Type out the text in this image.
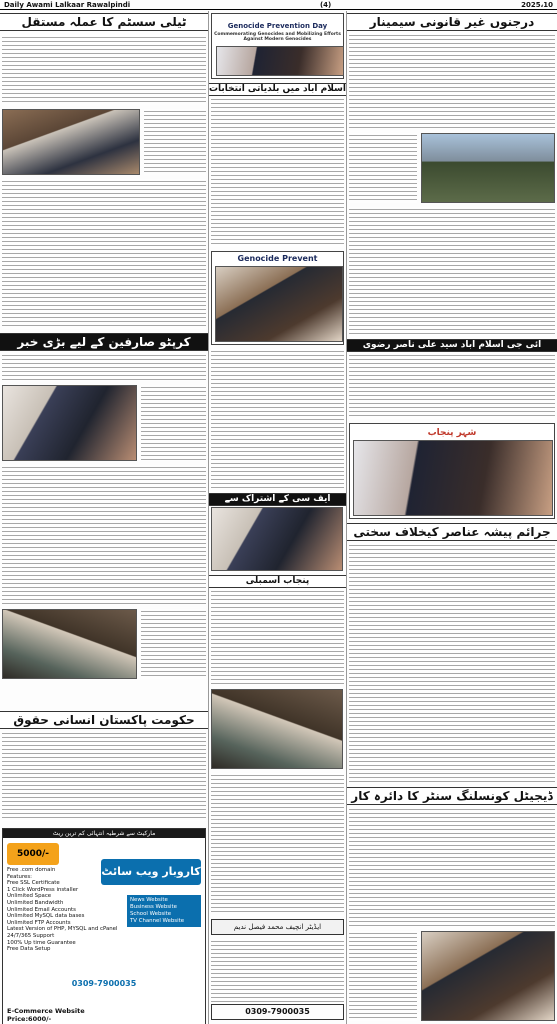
Daily Awami Lalkaar Rawalpindi	(4)	2025،10
ٹیلی سسٹم کا عملہ مستقل
کرپٹو صارفین کے لیے بڑی خبر
حکومت پاکستان انسانی حقوق
مارکیٹ سے شرطیہ انتہائی کم ترین ریٹ
5000/-
کاروبار ویب سائٹ
Free .com domain
Features:
Free SSL Certificate
1 Click WordPress installer
Unlimited Space
Unlimited Bandwidth
Unlimited Email Accounts
Unlimited MySQL data bases
Unlimited FTP Accounts
Latest Version of PHP, MYSQL and cPanel
24/7/365 Support
100% Up time Guarantee
Free Data Setup
News Website
Business Website
School Website
TV Channel Website
0309-7900035
E-Commerce Website
Price:6000/-
Genocide Prevention Day
Commemorating Genocides and Mobilizing Efforts Against Modern Genocides
اسلام آباد میں بلدیاتی انتخابات
Genocide Prevent
ایف سی کے اشتراک سے
پنجاب اسمبلی
ایڈیٹر انچیف محمد فیصل ندیم
0309-7900035
درجنوں غیر قانونی سیمینار
آئی جی اسلام آباد سید علی ناصر رضوی
شہر پنجاب
جرائم پیشہ عناصر کیخلاف سختی
ڈیجیٹل کونسلنگ سنٹر کا دائرہ کار
